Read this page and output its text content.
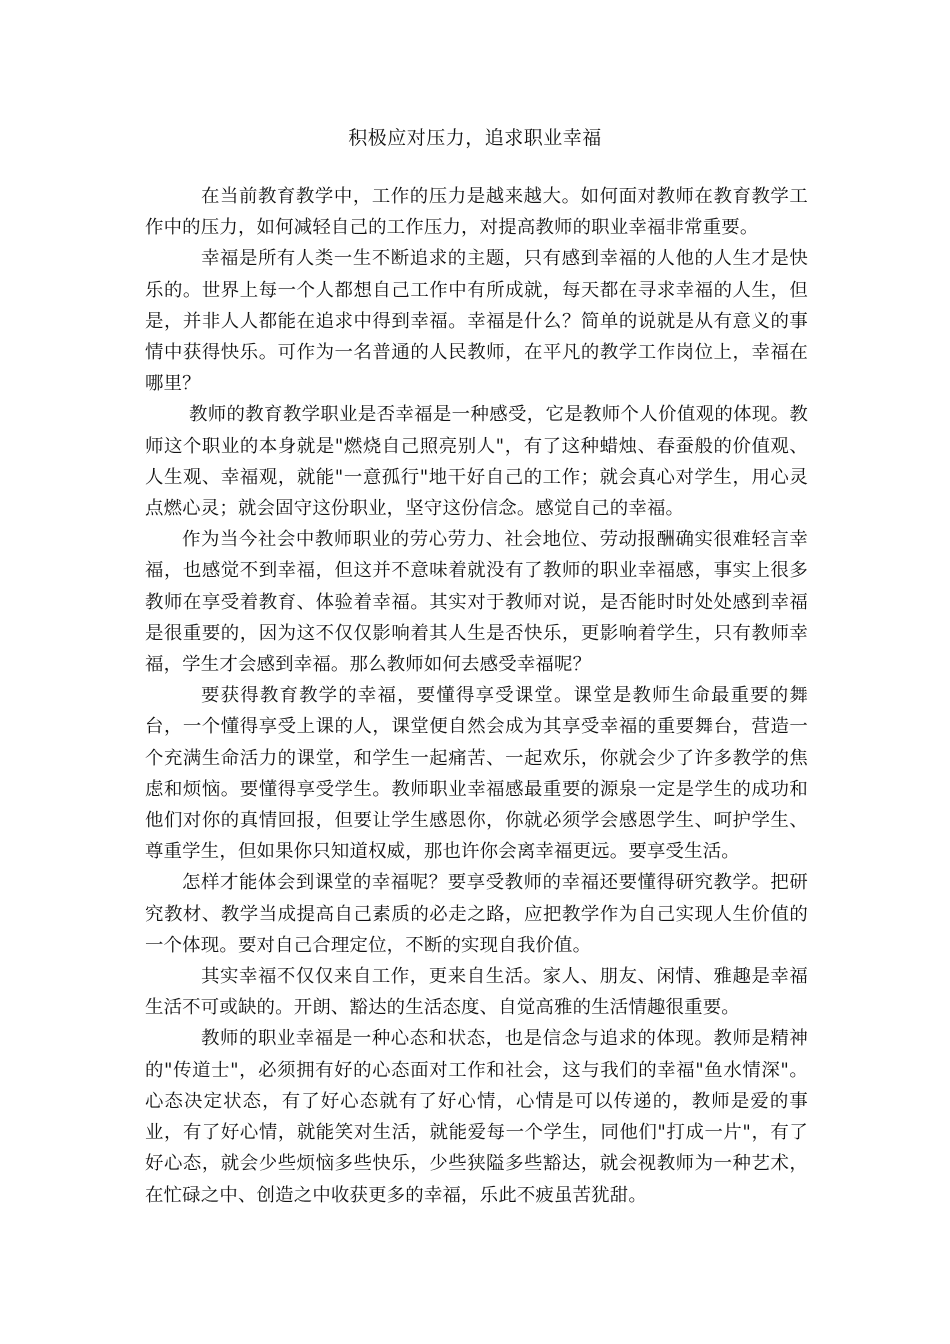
积极应对压力，追求职业幸福

在当前教育教学中，工作的压力是越来越大。如何面对教师在教育教学工作中的压力，如何减轻自己的工作压力，对提高教师的职业幸福非常重要。

幸福是所有人类一生不断追求的主题，只有感到幸福的人他的人生才是快乐的。世界上每一个人都想自己工作中有所成就，每天都在寻求幸福的人生，但是，并非人人都能在追求中得到幸福。幸福是什么？简单的说就是从有意义的事情中获得快乐。可作为一名普通的人民教师，在平凡的教学工作岗位上，幸福在哪里？

教师的教育教学职业是否幸福是一种感受，它是教师个人价值观的体现。教师这个职业的本身就是"燃烧自己照亮别人"，有了这种蜡烛、春蚕般的价值观、人生观、幸福观，就能"一意孤行"地干好自己的工作；就会真心对学生，用心灵点燃心灵；就会固守这份职业，坚守这份信念。感觉自己的幸福。

作为当今社会中教师职业的劳心劳力、社会地位、劳动报酬确实很难轻言幸福，也感觉不到幸福，但这并不意味着就没有了教师的职业幸福感，事实上很多教师在享受着教育、体验着幸福。其实对于教师对说，是否能时时处处感到幸福是很重要的，因为这不仅仅影响着其人生是否快乐，更影响着学生，只有教师幸福，学生才会感到幸福。那么教师如何去感受幸福呢？

要获得教育教学的幸福，要懂得享受课堂。课堂是教师生命最重要的舞台，一个懂得享受上课的人，课堂便自然会成为其享受幸福的重要舞台，营造一个充满生命活力的课堂，和学生一起痛苦、一起欢乐，你就会少了许多教学的焦虑和烦恼。要懂得享受学生。教师职业幸福感最重要的源泉一定是学生的成功和他们对你的真情回报，但要让学生感恩你，你就必须学会感恩学生、呵护学生、尊重学生，但如果你只知道权威，那也许你会离幸福更远。要享受生活。

怎样才能体会到课堂的幸福呢？要享受教师的幸福还要懂得研究教学。把研究教材、教学当成提高自己素质的必走之路，应把教学作为自己实现人生价值的一个体现。要对自己合理定位，不断的实现自我价值。

其实幸福不仅仅来自工作，更来自生活。家人、朋友、闲情、雅趣是幸福生活不可或缺的。开朗、豁达的生活态度、自觉高雅的生活情趣很重要。

教师的职业幸福是一种心态和状态，也是信念与追求的体现。教师是精神的"传道士"，必须拥有好的心态面对工作和社会，这与我们的幸福"鱼水情深"。心态决定状态，有了好心态就有了好心情，心情是可以传递的，教师是爱的事业，有了好心情，就能笑对生活，就能爱每一个学生，同他们"打成一片"，有了好心态，就会少些烦恼多些快乐，少些狭隘多些豁达，就会视教师为一种艺术，在忙碌之中、创造之中收获更多的幸福，乐此不疲虽苦犹甜。
